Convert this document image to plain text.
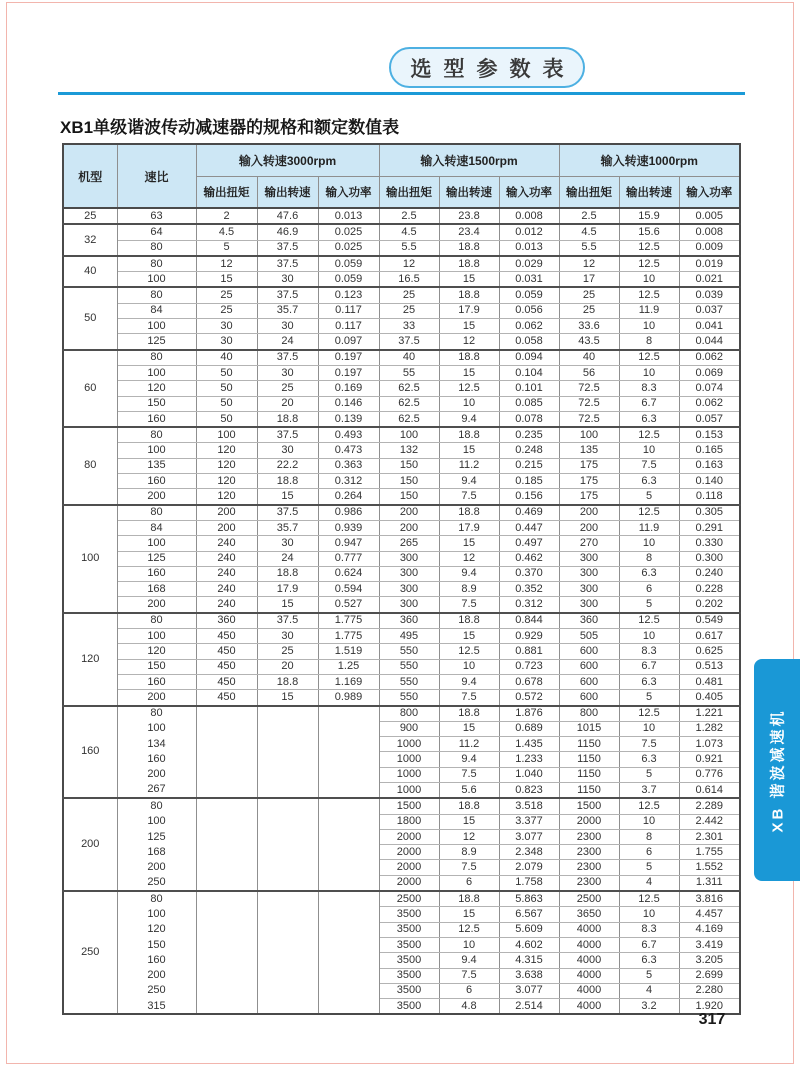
选型参数表
XB1单级谐波传动减速器的规格和额定数值表
机型	速比	输入转速3000rpm			输入转速1500rpm			输入转速1000rpm		
		输出扭矩	输出转速	输入功率	输出扭矩	输出转速	输入功率	输出扭矩	输出转速	输入功率
25	63	2	47.6	0.013	2.5	23.8	0.008	2.5	15.9	0.005
32	64	4.5	46.9	0.025	4.5	23.4	0.012	4.5	15.6	0.008
	80	5	37.5	0.025	5.5	18.8	0.013	5.5	12.5	0.009
40	80	12	37.5	0.059	12	18.8	0.029	12	12.5	0.019
	100	15	30	0.059	16.5	15	0.031	17	10	0.021
50	80	25	37.5	0.123	25	18.8	0.059	25	12.5	0.039
	84	25	35.7	0.117	25	17.9	0.056	25	11.9	0.037
	100	30	30	0.117	33	15	0.062	33.6	10	0.041
	125	30	24	0.097	37.5	12	0.058	43.5	8	0.044
60	80	40	37.5	0.197	40	18.8	0.094	40	12.5	0.062
	100	50	30	0.197	55	15	0.104	56	10	0.069
	120	50	25	0.169	62.5	12.5	0.101	72.5	8.3	0.074
	150	50	20	0.146	62.5	10	0.085	72.5	6.7	0.062
	160	50	18.8	0.139	62.5	9.4	0.078	72.5	6.3	0.057
80	80	100	37.5	0.493	100	18.8	0.235	100	12.5	0.153
	100	120	30	0.473	132	15	0.248	135	10	0.165
	135	120	22.2	0.363	150	11.2	0.215	175	7.5	0.163
	160	120	18.8	0.312	150	9.4	0.185	175	6.3	0.140
	200	120	15	0.264	150	7.5	0.156	175	5	0.118
100	80	200	37.5	0.986	200	18.8	0.469	200	12.5	0.305
	84	200	35.7	0.939	200	17.9	0.447	200	11.9	0.291
	100	240	30	0.947	265	15	0.497	270	10	0.330
	125	240	24	0.777	300	12	0.462	300	8	0.300
	160	240	18.8	0.624	300	9.4	0.370	300	6.3	0.240
	168	240	17.9	0.594	300	8.9	0.352	300	6	0.228
	200	240	15	0.527	300	7.5	0.312	300	5	0.202
120	80	360	37.5	1.775	360	18.8	0.844	360	12.5	0.549
	100	450	30	1.775	495	15	0.929	505	10	0.617
	120	450	25	1.519	550	12.5	0.881	600	8.3	0.625
	150	450	20	1.25	550	10	0.723	600	6.7	0.513
	160	450	18.8	1.169	550	9.4	0.678	600	6.3	0.481
	200	450	15	0.989	550	7.5	0.572	600	5	0.405
160	80				800	18.8	1.876	800	12.5	1.221
	100				900	15	0.689	1015	10	1.282
	134				1000	11.2	1.435	1150	7.5	1.073
	160				1000	9.4	1.233	1150	6.3	0.921
	200				1000	7.5	1.040	1150	5	0.776
	267				1000	5.6	0.823	1150	3.7	0.614
200	80				1500	18.8	3.518	1500	12.5	2.289
	100				1800	15	3.377	2000	10	2.442
	125				2000	12	3.077	2300	8	2.301
	168				2000	8.9	2.348	2300	6	1.755
	200				2000	7.5	2.079	2300	5	1.552
	250				2000	6	1.758	2300	4	1.311
250	80				2500	18.8	5.863	2500	12.5	3.816
	100				3500	15	6.567	3650	10	4.457
	120				3500	12.5	5.609	4000	8.3	4.169
	150				3500	10	4.602	4000	6.7	3.419
	160				3500	9.4	4.315	4000	6.3	3.205
	200				3500	7.5	3.638	4000	5	2.699
	250				3500	6	3.077	4000	4	2.280
	315				3500	4.8	2.514	4000	3.2	1.920
XB 谐波减速机
317
